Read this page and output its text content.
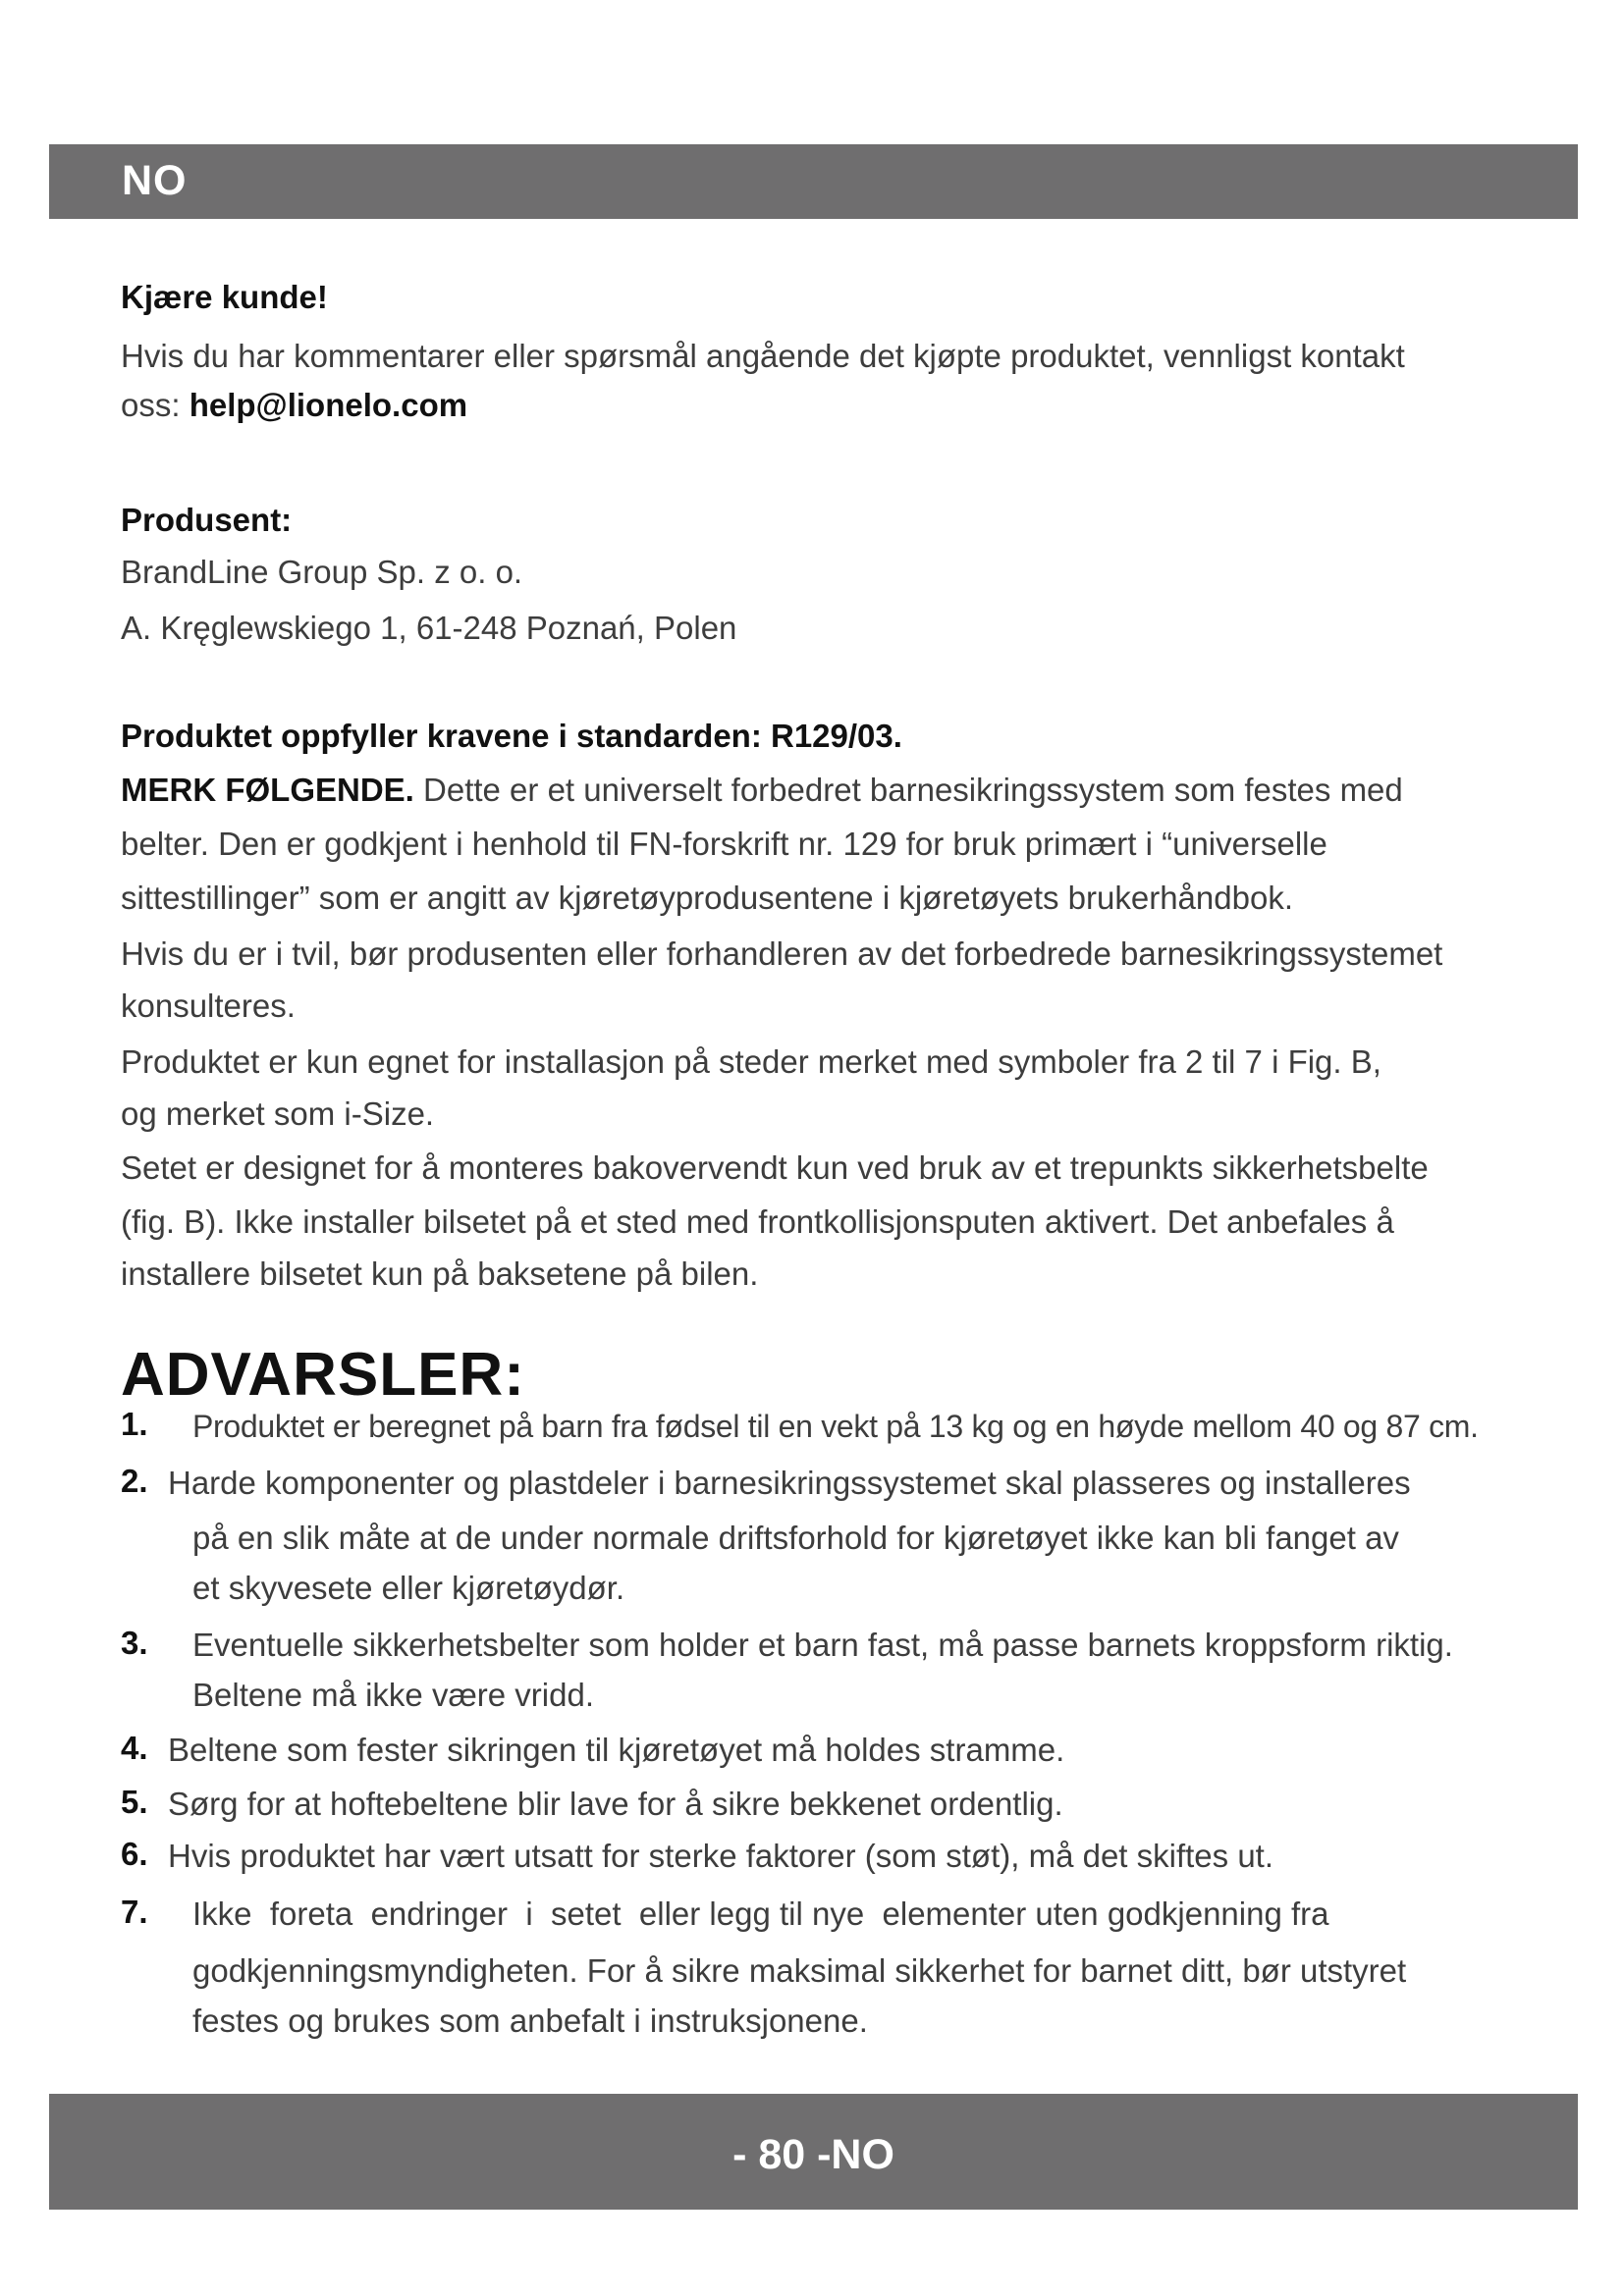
NO
Kjære kunde!
Hvis du har kommentarer eller spørsmål angående det kjøpte produktet, vennligst kontakt
oss: help@lionelo.com
Produsent:
BrandLine Group Sp. z o. o.
A. Kręglewskiego 1, 61-248 Poznań, Polen
Produktet oppfyller kravene i standarden: R129/03.
MERK FØLGENDE. Dette er et universelt forbedret barnesikringssystem som festes med
belter. Den er godkjent i henhold til FN-forskrift nr. 129 for bruk primært i “universelle
sittestillinger” som er angitt av kjøretøyprodusentene i kjøretøyets brukerhåndbok.
Hvis du er i tvil, bør produsenten eller forhandleren av det forbedrede barnesikringssystemet
konsulteres.
Produktet er kun egnet for installasjon på steder merket med symboler fra 2 til 7 i Fig. B,
og merket som i-Size.
Setet er designet for å monteres bakovervendt kun ved bruk av et trepunkts sikkerhetsbelte
(fig. B). Ikke installer bilsetet på et sted med frontkollisjonsputen aktivert. Det anbefales å
installere bilsetet kun på baksetene på bilen.
ADVARSLER:
1. Produktet er beregnet på barn fra fødsel til en vekt på 13 kg og en høyde mellom 40 og 87 cm.
2. Harde komponenter og plastdeler i barnesikringssystemet skal plasseres og installeres
på en slik måte at de under normale driftsforhold for kjøretøyet ikke kan bli fanget av
et skyvesete eller kjøretøydør.
3. Eventuelle sikkerhetsbelter som holder et barn fast, må passe barnets kroppsform riktig.
Beltene må ikke være vridd.
4. Beltene som fester sikringen til kjøretøyet må holdes stramme.
5. Sørg for at hoftebeltene blir lave for å sikre bekkenet ordentlig.
6. Hvis produktet har vært utsatt for sterke faktorer (som støt), må det skiftes ut.
7. Ikke  foreta  endringer  i  setet  eller legg til nye  elementer uten godkjenning fra
godkjenningsmyndigheten. For å sikre maksimal sikkerhet for barnet ditt, bør utstyret
festes og brukes som anbefalt i instruksjonene.
- 80 -NO
